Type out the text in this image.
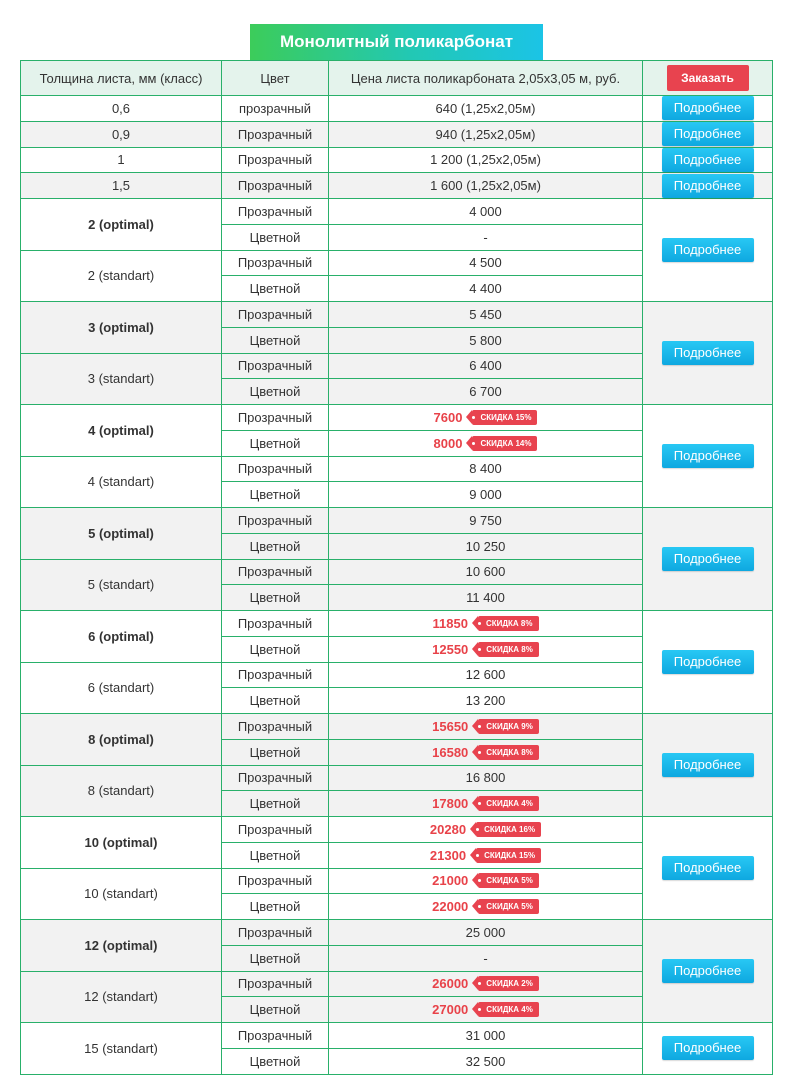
Монолитный поликарбонат
Толщина листа, мм (класс)	Цвет	Цена листа поликарбоната 2,05х3,05 м, руб.	Заказать
0,6	прозрачный	640 (1,25х2,05м)	Подробнее
0,9	Прозрачный	940 (1,25х2,05м)	Подробнее
1	Прозрачный	1 200 (1,25х2,05м)	Подробнее
1,5	Прозрачный	1 600 (1,25х2,05м)	Подробнее
2 (optimal)	Прозрачный	4 000	Подробнее
	Цветной	-	
2 (standart)	Прозрачный	4 500	
	Цветной	4 400	
3 (optimal)	Прозрачный	5 450	Подробнее
	Цветной	5 800	
3 (standart)	Прозрачный	6 400	
	Цветной	6 700	
4 (optimal)	Прозрачный	7600 СКИДКА 15%	Подробнее
	Цветной	8000 СКИДКА 14%	

4 (standart)	Прозрачный	8 400	
	Цветной	9 000	
5 (optimal)	Прозрачный	9 750	Подробнее
	Цветной	10 250	
5 (standart)	Прозрачный	10 600	
	Цветной	11 400	
6 (optimal)	Прозрачный	11850 СКИДКА 8%	Подробнее
	Цветной	12550 СКИДКА 8%	

6 (standart)	Прозрачный	12 600	
	Цветной	13 200	
8 (optimal)	Прозрачный	15650 СКИДКА 9%	Подробнее
	Цветной	16580 СКИДКА 8%	

8 (standart)	Прозрачный	16 800	
	Цветной	17800 СКИДКА 4%	

10 (optimal)	Прозрачный	20280 СКИДКА 16%	Подробнее
	Цветной	21300 СКИДКА 15%	

10 (standart)	Прозрачный	21000 СКИДКА 5%	

	Цветной	22000 СКИДКА 5%	

12 (optimal)	Прозрачный	25 000	Подробнее
	Цветной	-	
12 (standart)	Прозрачный	26000 СКИДКА 2%	

	Цветной	27000 СКИДКА 4%	

15 (standart)	Прозрачный	31 000	Подробнее
	Цветной	32 500	
